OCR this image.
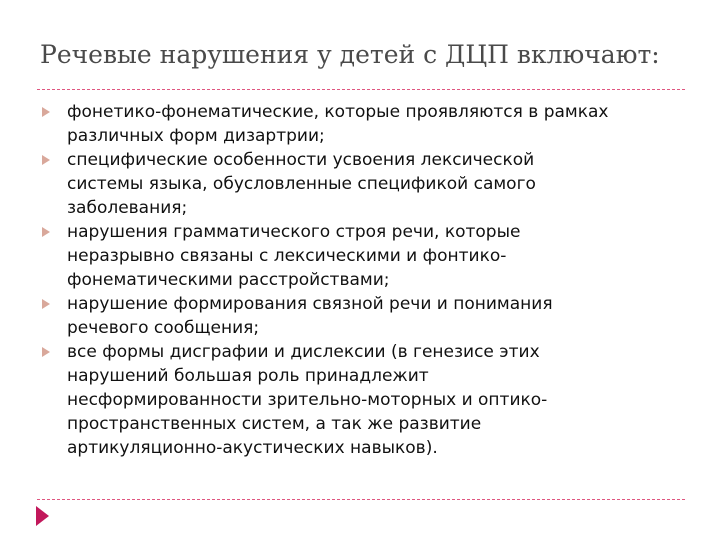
Речевые нарушения у детей с ДЦП включают:
фонетико-фонематические, которые проявляются в рамках
различных форм дизартрии;
специфические особенности усвоения лексической
системы языка, обусловленные спецификой самого
заболевания;
нарушения грамматического строя речи, которые
неразрывно связаны с лексическими и фонтико-
фонематическими расстройствами;
нарушение формирования связной речи и понимания
речевого сообщения;
все формы дисграфии и дислексии (в генезисе этих
нарушений большая роль принадлежит
несформированности зрительно-моторных и оптико-
пространственных систем, а так же развитие
артикуляционно-акустических навыков).
